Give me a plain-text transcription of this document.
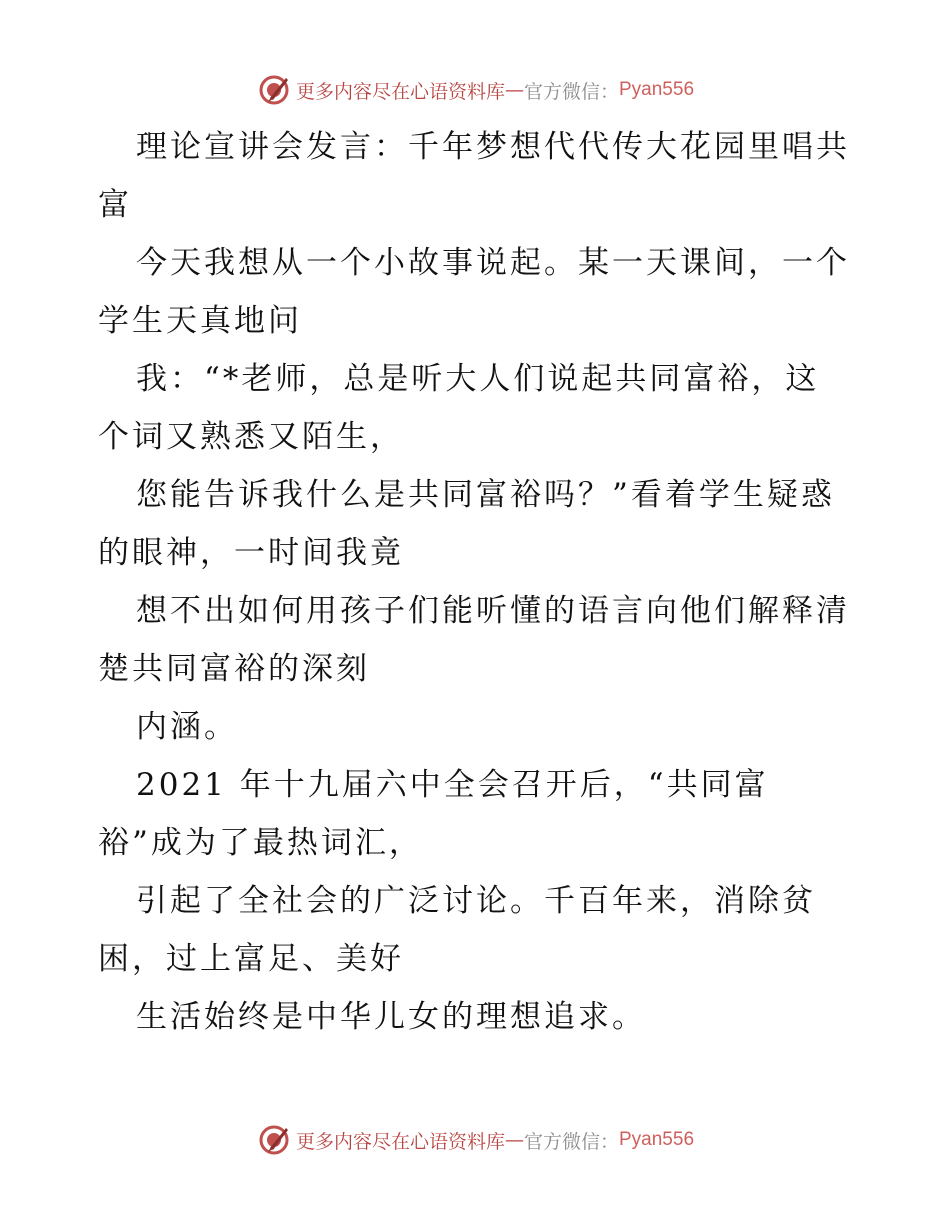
更多内容尽在心语资料库 — 官方微信： Pyan556
理论宣讲会发言：千年梦想代代传大花园里唱共
富
今天我想从一个小故事说起。某一天课间，一个
学生天真地问
我：“*老师，总是听大人们说起共同富裕，这
个词又熟悉又陌生，
您能告诉我什么是共同富裕吗？”看着学生疑惑
的眼神，一时间我竟
想不出如何用孩子们能听懂的语言向他们解释清
楚共同富裕的深刻
内涵。
2021 年十九届六中全会召开后，“共同富
裕”成为了最热词汇，
引起了全社会的广泛讨论。千百年来，消除贫
困，过上富足、美好
生活始终是中华儿女的理想追求。
更多内容尽在心语资料库 — 官方微信： Pyan556
